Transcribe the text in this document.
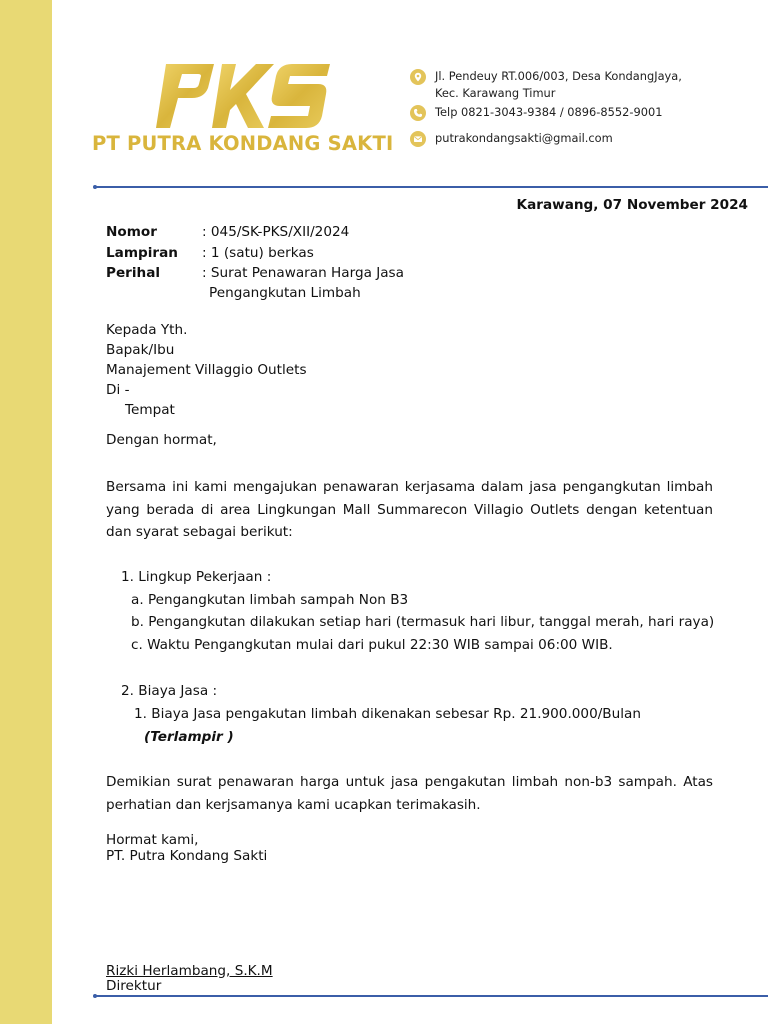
PT PUTRA KONDANG SAKTI
Jl. Pendeuy RT.006/003, Desa KondangJaya,
Kec. Karawang Timur
Telp 0821-3043-9384 / 0896-8552-9001
putrakondangsakti@gmail.com
Karawang, 07 November 2024
Nomor	: 045/SK-PKS/XII/2024
Lampiran : 1 (satu) berkas
Perihal	: Surat Penawaran Harga Jasa
Pengangkutan Limbah
Kepada Yth.
Bapak/Ibu
Manajement Villaggio Outlets
Di -
Tempat
Dengan hormat,
Bersama ini kami mengajukan penawaran kerjasama dalam jasa pengangkutan limbah yang berada di area Lingkungan Mall Summarecon Villagio Outlets dengan ketentuan dan syarat sebagai berikut:
1. Lingkup Pekerjaan :
a. Pengangkutan limbah sampah Non B3
b. Pengangkutan dilakukan setiap hari (termasuk hari libur, tanggal merah, hari raya)
c. Waktu Pengangkutan mulai dari pukul 22:30 WIB sampai 06:00 WIB.
2. Biaya Jasa :
1. Biaya Jasa pengakutan limbah dikenakan sebesar Rp. 21.900.000/Bulan
(Terlampir )
Demikian surat penawaran harga untuk jasa pengakutan limbah non-b3 sampah. Atas perhatian dan kerjsamanya kami ucapkan terimakasih.
Hormat kami,
PT. Putra Kondang Sakti
Rizki Herlambang, S.K.M
Direktur
